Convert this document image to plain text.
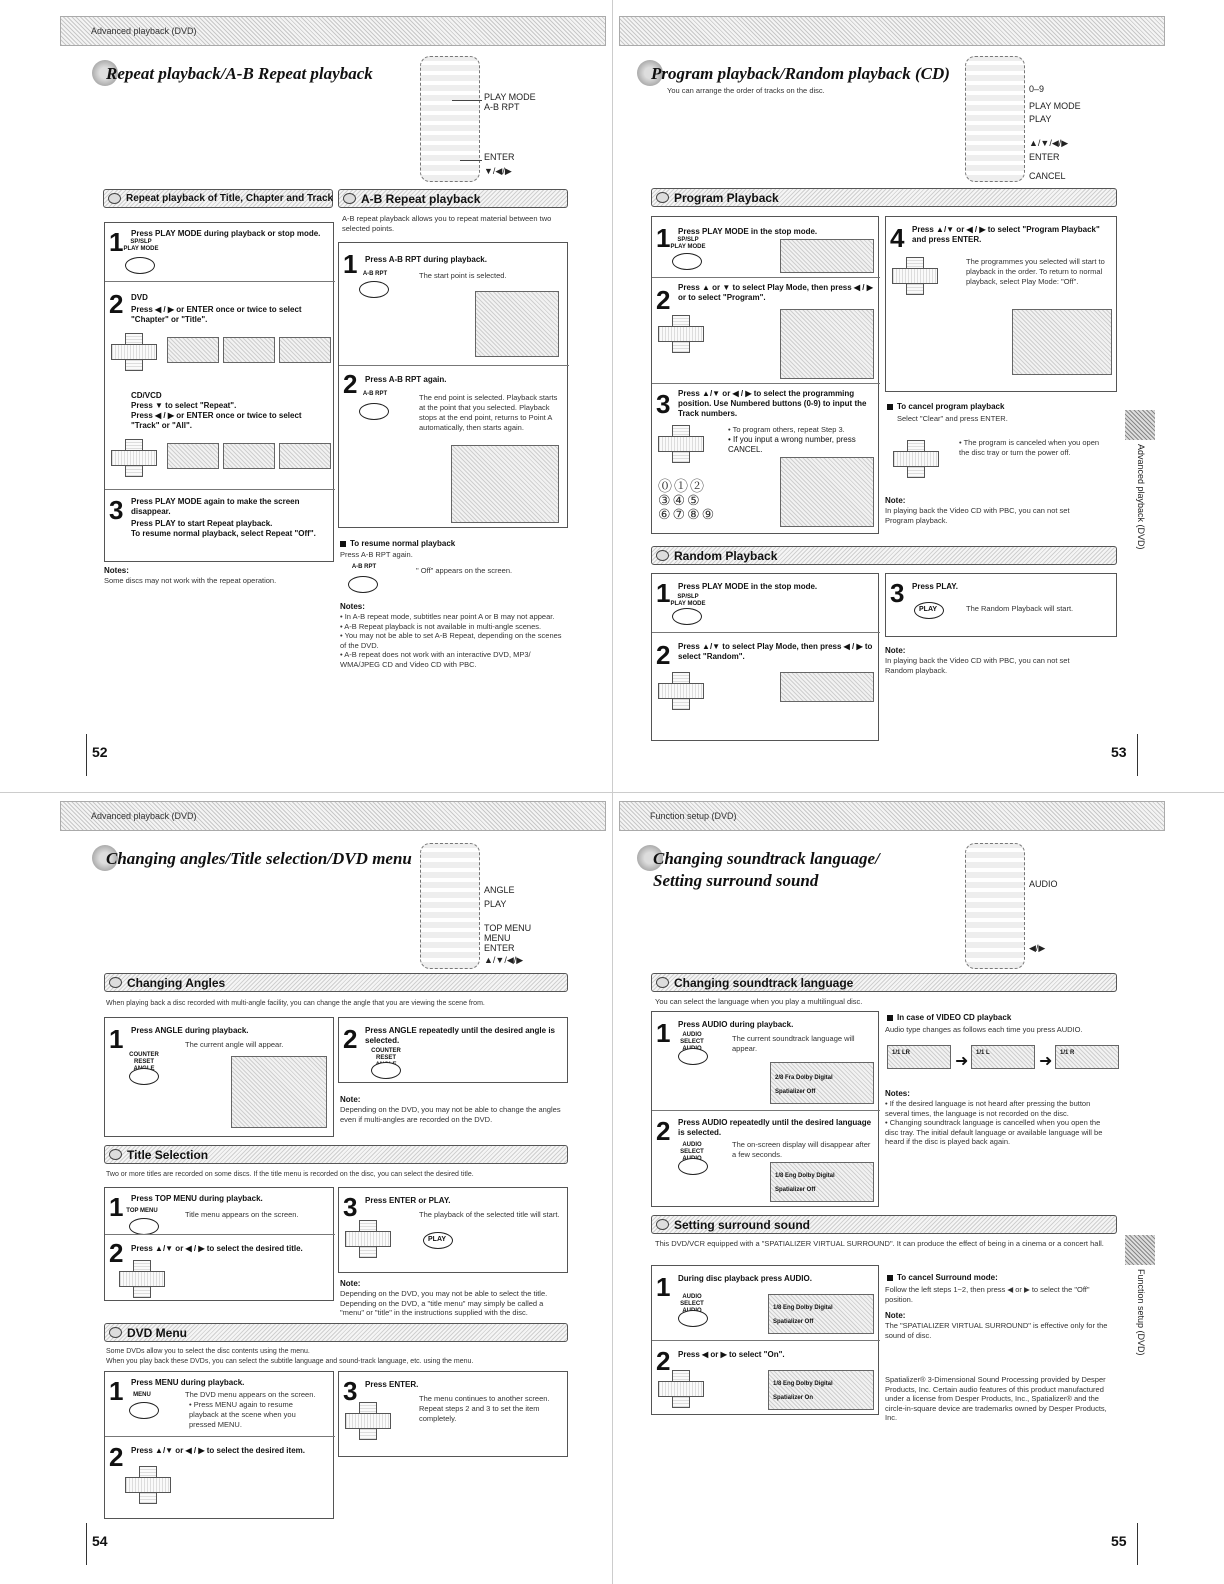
Advanced playback (DVD)
Repeat playback/A-B Repeat playback
PLAY MODE
A-B RPT
ENTER
▼/◀/▶
Repeat playback of Title, Chapter and Track A-B Repeat playback
1 Press PLAY MODE during playback or stop mode.
SP/SLP PLAY MODE
2 DVD
Press ◀ / ▶ or ENTER once or twice to select "Chapter" or "Title".
CD/VCD
Press ▼ to select "Repeat".
Press ◀ / ▶ or ENTER once or twice to select "Track" or "All".
3 Press PLAY MODE again to make the screen disappear.
Press PLAY to start Repeat playback.
To resume normal playback, select Repeat "Off".
Notes:
Some discs may not work with the repeat operation.
A-B repeat playback allows you to repeat material between two selected points.
1 Press A-B RPT during playback.
A-B RPT	The start point is selected.
2 Press A-B RPT again.
A-B RPT	The end point is selected. Playback starts at the point that you selected. Playback stops at the end point, returns to Point A automatically, then starts again.
To resume normal playback
Press A-B RPT again.
A-B RPT	" Off" appears on the screen.
Notes:
• In A-B repeat mode, subtitles near point A or B may not appear.
• A-B Repeat playback is not available in multi-angle scenes.
• You may not be able to set A-B Repeat, depending on the scenes of the DVD.
• A-B repeat does not work with an interactive DVD, MP3/ WMA/JPEG CD and Video CD with PBC.
52
Program playback/Random playback (CD)
You can arrange the order of tracks on the disc.	0–9
PLAY MODE
PLAY
▲/▼/◀/▶
ENTER
CANCEL
Program Playback
1 Press PLAY MODE in the stop mode.
SP/SLP PLAY MODE
2 Press ▲ or ▼ to select Play Mode, then press ◀ / ▶ or to select "Program".
3 Press ▲/▼ or ◀ / ▶ to select the programming position. Use Numbered buttons (0-9) to input the Track numbers.
• To program others, repeat Step 3.
• If you input a wrong number, press CANCEL.
⓪①②
③④⑤
⑥⑦⑧⑨
4 Press ▲/▼ or ◀ / ▶ to select "Program Playback" and press ENTER.
The programmes you selected will start to playback in the order. To return to normal playback, select Play Mode: "Off".
To cancel program playback
Select "Clear" and press ENTER.
• The program is canceled when you open the disc tray or turn the power off.
Note:
In playing back the Video CD with PBC, you can not set Program playback.	Advanced playback (DVD)
Random Playback
1 Press PLAY MODE in the stop mode.
SP/SLP PLAY MODE
2 Press ▲/▼ to select Play Mode, then press ◀ / ▶ to select "Random".
3 Press PLAY.
PLAY	The Random Playback will start.
Note:
In playing back the Video CD with PBC, you can not set Random playback.
53
Advanced playback (DVD)
Changing angles/Title selection/DVD menu
ANGLE
PLAY
TOP MENU
MENU
ENTER
▲/▼/◀/▶
Changing Angles
When playing back a disc recorded with multi-angle facility, you can change the angle that you are viewing the scene from.
1 Press ANGLE during playback.
The current angle will appear.
COUNTER RESET
2 Press ANGLE repeatedly until the desired angle is selected.
COUNTER RESET
Note:
Depending on the DVD, you may not be able to change the angles even if multi-angles are recorded on the DVD.
Title Selection
Two or more titles are recorded on some discs. If the title menu is recorded on the disc, you can select the desired title.
1 Press TOP MENU during playback.
TOP MENU	Title menu appears on the screen.
2 Press ▲/▼ or ◀ / ▶ to select the desired title.
3 Press ENTER or PLAY.
The playback of the selected title will start.
PLAY
Note:
Depending on the DVD, you may not be able to select the title. Depending on the DVD, a "title menu" may simply be called a "menu" or "title" in the instructions supplied with the disc.
DVD Menu
Some DVDs allow you to select the disc contents using the menu.
When you play back these DVDs, you can select the subtitle language and sound-track language, etc. using the menu.
1 Press MENU during playback.
MENU	The DVD menu appears on the screen.
• Press MENU again to resume playback at the scene when you pressed MENU.
2 Press ▲/▼ or ◀ / ▶ to select the desired item.
3 Press ENTER.
The menu continues to another screen. Repeat steps 2 and 3 to set the item completely.
54
Function setup (DVD)
Changing soundtrack language/
Setting surround sound	AUDIO
◀/▶
Changing soundtrack language
You can select the language when you play a multilingual disc.
1 Press AUDIO during playback.
AUDIO SELECT	The current soundtrack language will appear.
2/8 Fra Dolby Digital
Spatializer Off
2 Press AUDIO repeatedly until the desired language is selected.
AUDIO SELECT
The on-screen display will disappear after a few seconds.
1/8 Eng Dolby Digital
Spatializer Off
In case of VIDEO CD playback
Audio type changes as follows each time you press AUDIO.
1/1 LR	➜ 1/1 L	➜ 1/1 R
Notes:
• If the desired language is not heard after pressing the button several times, the language is not recorded on the disc.
• Changing soundtrack language is cancelled when you open the disc tray. The initial default language or available language will be heard if the disc is played back again.
Setting surround sound
This DVD/VCR equipped with a "SPATIALIZER VIRTUAL SURROUND". It can produce the effect of being in a cinema or a concert hall.
1 During disc playback press AUDIO.
AUDIO SELECT
1/8 Eng Dolby Digital
Spatializer Off
2 Press ◀ or ▶ to select "On".
1/8 Eng Dolby Digital
Spatializer On
To cancel Surround mode:
Follow the left steps 1~2, then press ◀ or ▶ to select the "Off" position.
Note:
The "SPATIALIZER VIRTUAL SURROUND" is effective only for the sound of disc.
Spatializer® 3-Dimensional Sound Processing provided by Desper Products, Inc. Certain audio features of this product manufactured under a license from Desper Products, Inc., Spatializer® and the circle-in-square device are trademarks owned by Desper Products, Inc.
Function setup (DVD)
55
